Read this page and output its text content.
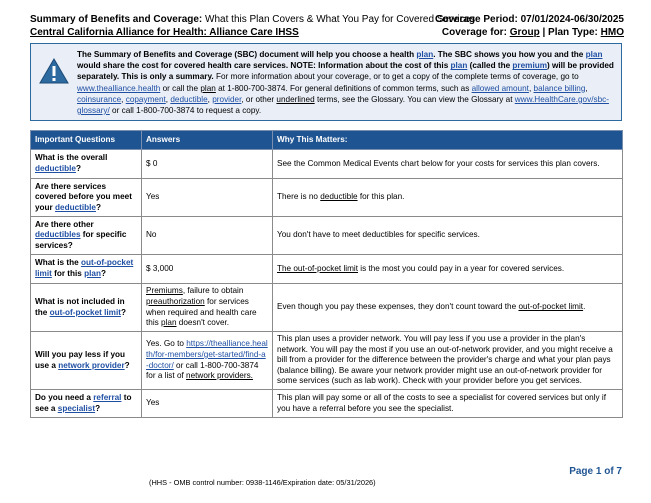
Summary of Benefits and Coverage: What this Plan Covers & What You Pay for Covered Services
Central California Alliance for Health: Alliance Care IHSS
Coverage Period: 07/01/2024-06/30/2025
Coverage for: Group | Plan Type: HMO
The Summary of Benefits and Coverage (SBC) document will help you choose a health plan. The SBC shows you how you and the plan would share the cost for covered health care services. NOTE: Information about the cost of this plan (called the premium) will be provided separately. This is only a summary. For more information about your coverage, or to get a copy of the complete terms of coverage, go to www.thealliance.health or call the plan at 1-800-700-3874. For general definitions of common terms, such as allowed amount, balance billing, coinsurance, copayment, deductible, provider, or other underlined terms, see the Glossary. You can view the Glossary at www.HealthCare.gov/sbc-glossary/ or call 1-800-700-3874 to request a copy.
Important Questions	Answers	Why This Matters:
What is the overall deductible?	$ 0	See the Common Medical Events chart below for your costs for services this plan covers.
Are there services covered before you meet your deductible?	Yes	There is no deductible for this plan.
Are there other deductibles for specific services?	No	You don't have to meet deductibles for specific services.
What is the out-of-pocket limit for this plan?	$ 3,000	The out-of-pocket limit is the most you could pay in a year for covered services.
What is not included in the out-of-pocket limit?	Premiums, failure to obtain preauthorization for services when required and health care this plan doesn't cover.	Even though you pay these expenses, they don't count toward the out-of-pocket limit.
Will you pay less if you use a network provider?	Yes. Go to https://thealliance.health/for-members/get-started/find-a-doctor/ or call 1-800-700-3874 for a list of network providers.	This plan uses a provider network. You will pay less if you use a provider in the plan's network. You will pay the most if you use an out-of-network provider, and you might receive a bill from a provider for the difference between the provider's charge and what your plan pays (balance billing). Be aware your network provider might use an out-of-network provider for some services (such as lab work). Check with your provider before you get services.
Do you need a referral to see a specialist?	Yes	This plan will pay some or all of the costs to see a specialist for covered services but only if you have a referral before you see the specialist.
Page 1 of 7
(HHS - OMB control number: 0938-1146/Expiration date: 05/31/2026)
